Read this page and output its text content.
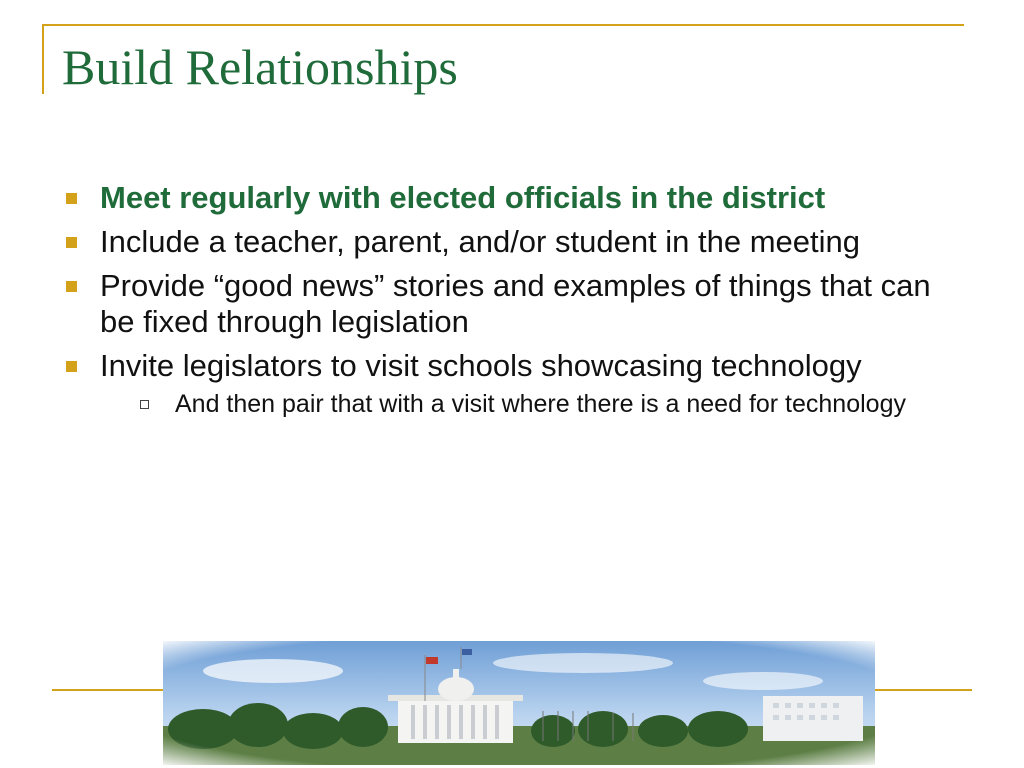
Build Relationships
Meet regularly with elected officials in the district
Include a teacher, parent, and/or student in the meeting
Provide “good news” stories and examples of things that can be fixed through legislation
Invite legislators to visit schools showcasing technology
And then pair that with a visit where there is a need for technology
